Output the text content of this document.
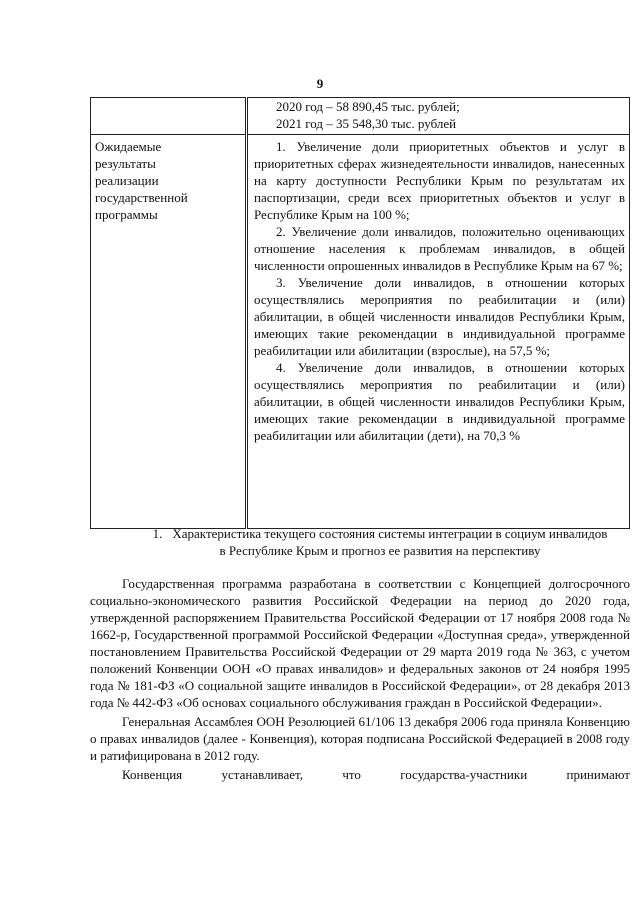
9

	2020 год – 58 890,45 тыс. рублей;
2021 год – 35 548,30 тыс. рублей

Ожидаемые результаты реализации государственной программы	1. Увеличение доли приоритетных объектов и услуг в приоритетных сферах жизнедеятельности инвалидов, нанесенных на карту доступности Республики Крым по результатам их паспортизации, среди всех приоритетных объектов и услуг в Республике Крым на 100 %;
2. Увеличение доли инвалидов, положительно оценивающих отношение населения к проблемам инвалидов, в общей численности опрошенных инвалидов в Республике Крым на 67 %;
3. Увеличение доли инвалидов, в отношении которых осуществлялись мероприятия по реабилитации и (или) абилитации, в общей численности инвалидов Республики Крым, имеющих такие рекомендации в индивидуальной программе реабилитации или абилитации (взрослые), на 57,5 %;
4. Увеличение доли инвалидов, в отношении которых осуществлялись мероприятия по реабилитации и (или) абилитации, в общей численности инвалидов Республики Крым, имеющих такие рекомендации в индивидуальной программе реабилитации или абилитации (дети), на 70,3 %
1. Характеристика текущего состояния системы интеграции в социум инвалидов в Республике Крым и прогноз ее развития на перспективу

Государственная программа разработана в соответствии с Концепцией долгосрочного социально-экономического развития Российской Федерации на период до 2020 года, утвержденной распоряжением Правительства Российской Федерации от 17 ноября 2008 года № 1662-р, Государственной программой Российской Федерации «Доступная среда», утвержденной постановлением Правительства Российской Федерации от 29 марта 2019 года № 363, с учетом положений Конвенции ООН «О правах инвалидов» и федеральных законов от 24 ноября 1995 года № 181-ФЗ «О социальной защите инвалидов в Российской Федерации», от 28 декабря 2013 года № 442-ФЗ «Об основах социального обслуживания граждан в Российской Федерации».

Генеральная Ассамблея ООН Резолюцией 61/106 13 декабря 2006 года приняла Конвенцию о правах инвалидов (далее - Конвенция), которая подписана Российской Федерацией в 2008 году и ратифицирована в 2012 году.

Конвенция	устанавливает,	что	государства-участники	принимают
